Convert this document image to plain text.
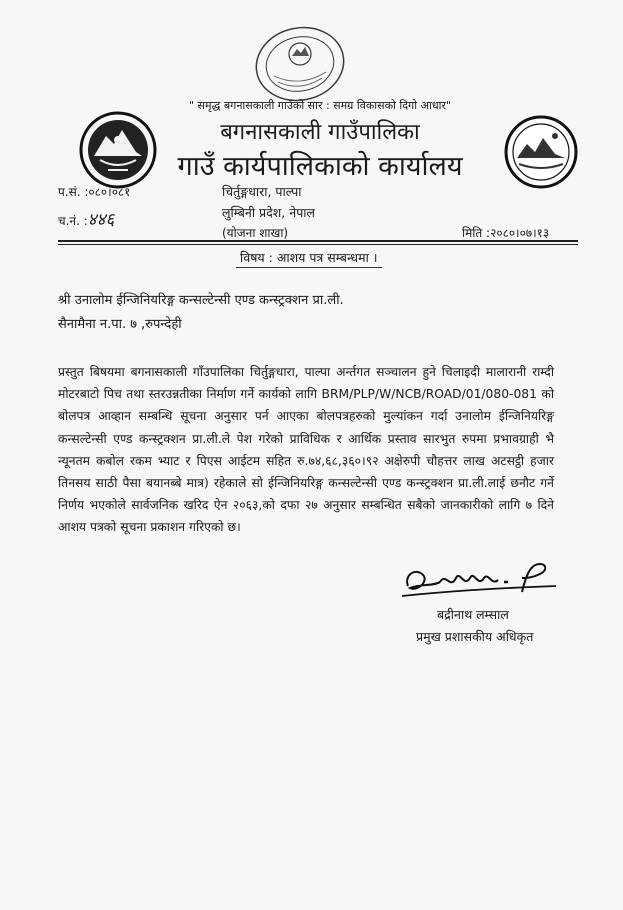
" समृद्ध बगनासकाली गाउँको सार : समग्र विकासको दिगो आधार"
बगनासकाली गाउँपालिका
गाउँ कार्यपालिकाको कार्यालय
प.सं. :०८०।०८१
च.नं. :४४६
चिर्तुङ्गधारा, पाल्पा
लुम्बिनी प्रदेश, नेपाल
(योजना शाखा)	मिति :२०८०।०७।१३
विषय : आशय पत्र सम्बन्धमा ।
श्री उनालोम ईन्जिनियरिङ्ग कन्सल्टेन्सी एण्ड कन्स्ट्रक्शन प्रा.ली.
सैनामैना न.पा. ७ ,रुपन्देही
प्रस्तुत बिषयमा बगनासकाली गाँउपालिका चिर्तुङ्गधारा, पाल्पा अर्न्तगत सञ्चालन हुने चिलाइदी मालारानी राम्दी मोटरबाटो पिच तथा स्तरउन्नतीका निर्माण गर्ने कार्यको लागि BRM/PLP/W/NCB/ROAD/01/080-081 को बोलपत्र आव्हान सम्बन्धि सूचना अनुसार पर्न आएका बोलपत्रहरुको मुल्यांकन गर्दा उनालोम ईन्जिनियरिङ्ग कन्सल्टेन्सी एण्ड कन्स्ट्रक्शन प्रा.ली.ले पेश गरेको प्राविधिक र आर्थिक प्रस्ताव सारभुत रुपमा प्रभावग्राही भै न्यूनतम कबोल रकम भ्याट र पिएस आईटम सहित रु.७४,६८,३६०।९२ अक्षेरुपी चौहत्तर लाख अटसट्ठी हजार तिनसय साठी पैसा बयानब्बे मात्र) रहेकाले सो ईन्जिनियरिङ्ग कन्सल्टेन्सी एण्ड कन्स्ट्रक्शन प्रा.ली.लाई छनौट गर्ने निर्णय भएकोले सार्वजनिक खरिद ऐन २०६३,को दफा २७ अनुसार सम्बन्धित सबैको जानकारीको लागि ७ दिने आशय पत्रको सूचना प्रकाशन गरिएको छ।
बद्रीनाथ लम्साल
प्रमुख प्रशासकीय अधिकृत
